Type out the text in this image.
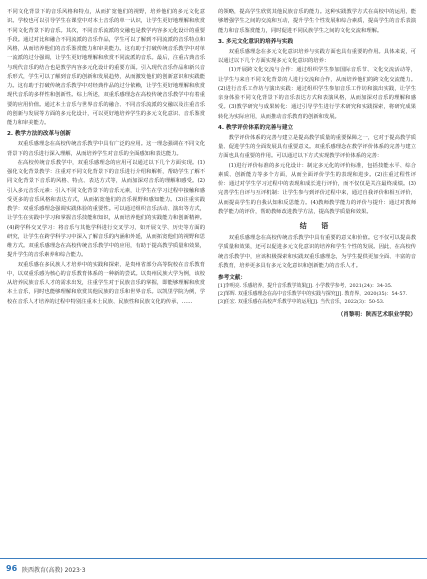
不同文化背景下的音乐风格和特点，从而扩宽他们的视野，培养他们的多元文化意识。学校也可以引导学生在课堂中对本土音乐的单一认识，让学生更好地理解和欣赏不同文化背景下的音乐。其次，不同音乐流派的交融也是教学内容多元化设计的重要手段。通过对比和融合不同流派的音乐作品，学生可以了解到不同流派的音乐特点和风格，从而培养他们的音乐鉴赏能力和审美能力。这有助于打破传统音乐教学中对单一流派的过分强调，让学生更好地理解和欣赏不同流派的音乐。最后，注重古典音乐与现代音乐的结合也是教学内容多元化设计的重要方面。引入现代音乐作品和新兴音乐形式，学生可以了解到音乐的创新和发展趋势，从而激发他们的创新意识和实践能力。这有助于打破传统音乐教学中对经典作品的过分依赖，让学生更好地理解和欣赏现代音乐的多样性和创新性。综上所述，双重乐感理念在高校传统音乐教学中有着重要的应用价值。通过本土音乐与世界音乐的融合、不同音乐流派的交融以及注重音乐的创新与发展等方面的多元化设计，可以更好地培养学生的多元文化意识、音乐鉴赏能力和审美能力。

2. 教学方法的改革与创新

双重乐感理念在高校传统音乐教学中具有广泛的应用。这一理念强调在不同文化背景下的音乐进行深入理解，从而培养学生对音乐的全面感知和表达能力。

在高校传统音乐教学中，双重乐感理念的应用可以通过以下几个方面实现。(1)强化文化背景教学：注重对不同文化背景下的音乐进行介绍和解析，帮助学生了解不同文化背景下音乐的风格、特点、表达方式等，从而加深对音乐的理解和感受。(2)引入多元音乐元素：引入不同文化背景下的音乐元素，让学生在学习过程中接触和感受更多的音乐风格和表达方式，从而拓宽他们的音乐视野和感知能力。(3)注重实践教学：双重乐感理念强调实践体验的重要性。可以通过组织音乐活动、演出等方式，让学生在实践中学习和掌握音乐技能和知识，从而培养他们的实践能力和创新精神。(4)跨学科交叉学习：将音乐与其他学科进行交叉学习，如开展文学、历史等方面的研究，让学生在跨学科学习中深入了解音乐的内涵和外延，从而拓宽他们的视野和思维方式。双重乐感理念在高校传统音乐教学中的应用，有助于提高教学质量和效果，提升学生的音乐素养和综合能力。

双重乐感在多民族人才培养中的实践和探索，是贵州省部分高等院校在音乐教育中，以双重乐感为核心的音乐教育体系的一种新的尝试。以贵州民族大学为例，该校从培养民族音乐人才的需求出发，注重学生对于民族音乐的掌握，即能够理解和欣赏本土音乐，同时也能够理解和欣赏其他民族的音乐和世界音乐。以凯里学院为例，学校在音乐人才培养的过程中特别注重本土民族、民族性和民族文化的传承，……

的领略，提高学生欣赏其他民族音乐的能力。这种实践教学方式在高校中的运用，能够增强学生之间的交流和互动，提升学生个性发展和综合素质，提高学生的音乐表演能力和音乐鉴赏能力，同时促进不同民族学生之间的文化交流和理解。

3. 多元文化意识的培养与实践

双重乐感理念在多元文化意识培养与实践方面也具有重要的作用。具体来说，可以通过以下几个方面实现多元文化意识的培养：

(1)开展跨文化交流与合作：通过组织学生参加国际音乐节、文化交流活动等，让学生与来自不同文化背景的人进行交流和合作，从而培养他们的跨文化交流能力。(2)进行音乐工作坊与演出实践：通过组织学生参加音乐工作坊和演出实践，让学生亲身体验不同文化背景下的音乐表达方式和表演风格，从而加深对音乐的理解和感受。(3)教学研究与成果转化：通过引导学生进行学术研究和实践探索，将研究成果转化为实际应用，从而推动音乐教育的创新和发展。

4. 教学评价体系的完善与建立

教学评价体系的完善与建立是提高教学质量的重要保障之一，它对于提高教学质量、促进学生的全面发展具有重要意义。双重乐感理念在教学评价体系的完善与建立方面也具有重要的作用。可以通过以下方式实现教学评价体系的完善：

(1)进行评价标准的多元化设计：制定多元化的评价标准，包括技能水平、综合素质、创新能力等多个方面，从而全面评价学生的表现和进步。(2)注重过程性评价：通过对学生学习过程中的表现和成长进行评价，而不仅仅是关注最终成绩。(3)完善学生自评与互评机制：让学生参与到评价过程中来，通过自我评价和相互评价，从而提高学生的自我认知和反思能力。(4)教师教学能力的评价与提升：通过对教师教学能力的评价，帮助教师改进教学方法，提高教学质量和效果。

结 语

双重乐感理念在高校传统音乐教学中具有重要的意义和价值。它不仅可以提高教学质量和效果，还可以促进多元文化意识的培养和学生个性的发展。因此，在高校传统音乐教学中，应该积极探索和实践双重乐感理念，为学生提供更加全面、丰富的音乐教育，培养更多具有多元文化意识和创新能力的音乐人才。

参考文献：

[1]李明亮. 乐感培养，提升音乐教学效果[J]. 小学教学参考，2021(24)：34-35.

[2]邹辉. 双重乐感理念在高中音乐教学中的实践与探究[J]. 教育界，2020(35)：54-57.

[3]任宏. 双重乐感在高校声乐教学中的运用[J]. 当代音乐，2022(3)：50-53.

（肖黎明：陕西艺术职业学院）
96 陕西教育(高教) 2023·3
